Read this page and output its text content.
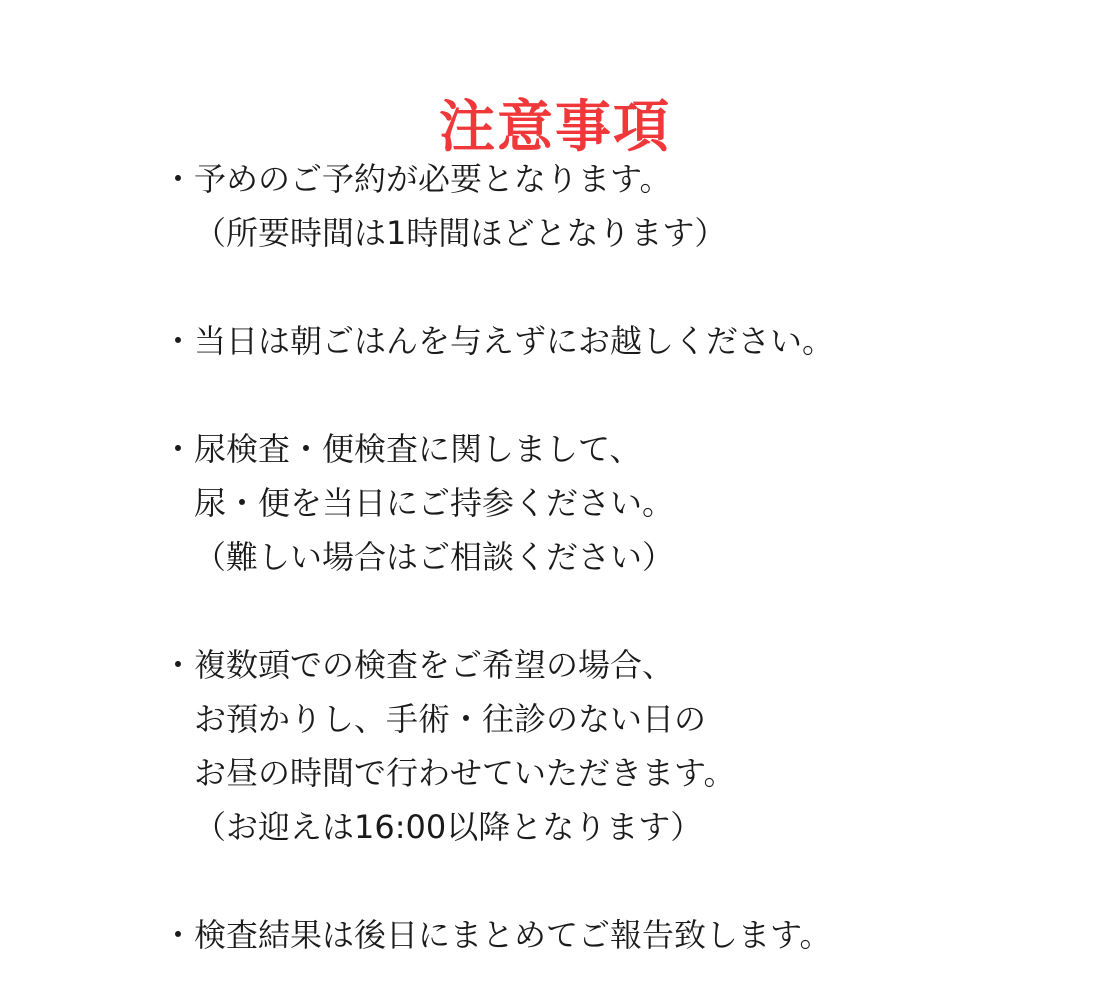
注意事項
・ 予めのご予約が必要となります。
（所要時間は1時間ほどとなります）
・ 当日は朝ごはんを与えずにお越しください。
・ 尿検査・便検査に関しまして、
尿・便を当日にご持参ください。
（難しい場合はご相談ください）
・ 複数頭での検査をご希望の場合、
お預かりし、手術・往診のない日の
お昼の時間で行わせていただきます。
（お迎えは16:00以降となります）
・ 検査結果は後日にまとめてご報告致します。
